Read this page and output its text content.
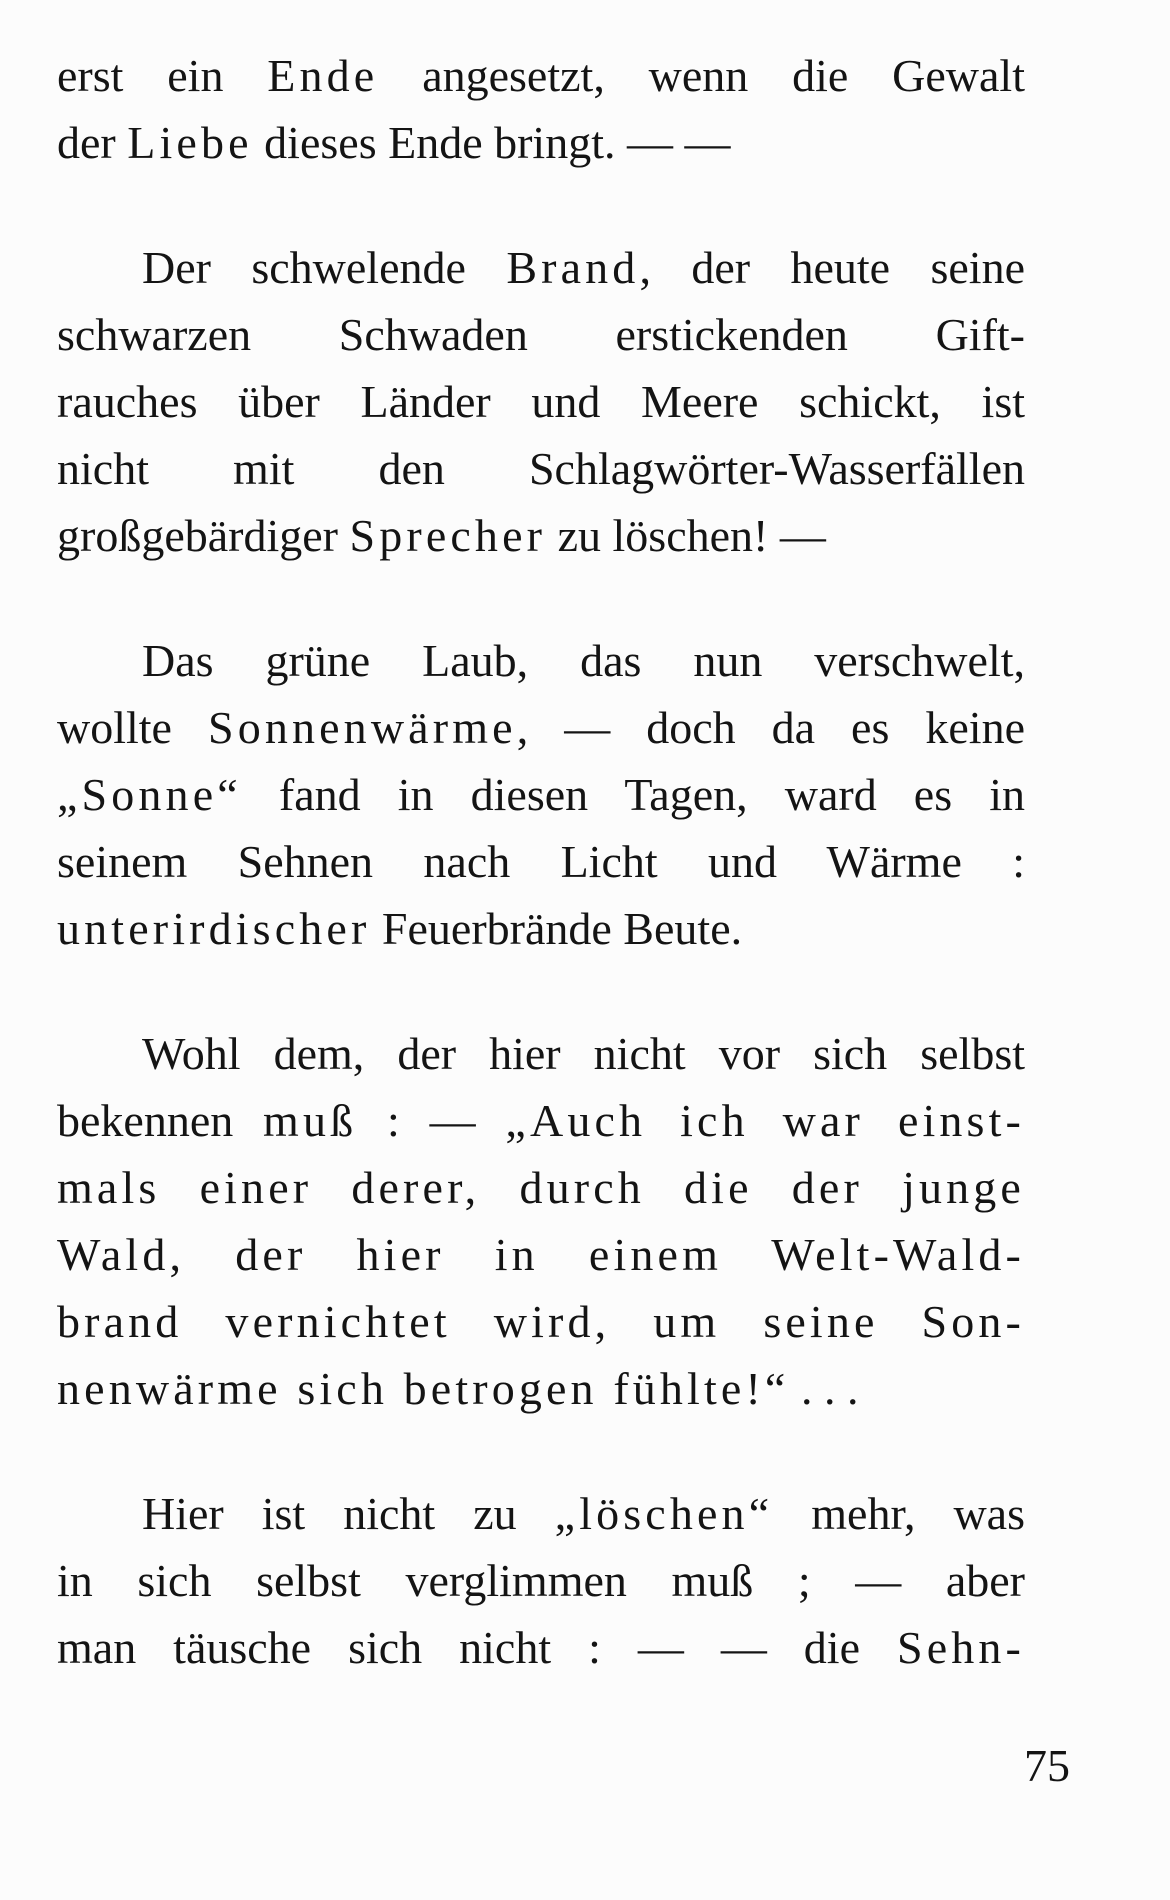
erst ein Ende angesetzt, wenn die Gewalt
der Liebe dieses Ende bringt. — —

Der schwelende Brand, der heute seine
schwarzen Schwaden erstickenden Gift-
rauches über Länder und Meere schickt, ist
nicht mit den Schlagwörter-Wasserfällen
großgebärdiger Sprecher zu löschen! —

Das grüne Laub, das nun verschwelt,
wollte Sonnenwärme, — doch da es keine
„Sonne“ fand in diesen Tagen, ward es in
seinem Sehnen nach Licht und Wärme :
unterirdischer Feuerbrände Beute.

Wohl dem, der hier nicht vor sich selbst
bekennen muß : — „Auch ich war einst-
mals einer derer, durch die der junge
Wald, der hier in einem Welt-Wald-
brand vernichtet wird, um seine Son-
nenwärme sich betrogen fühlte!“ . . .

Hier ist nicht zu „löschen“ mehr, was
in sich selbst verglimmen muß ; — aber
man täusche sich nicht : — — die Sehn-

75
